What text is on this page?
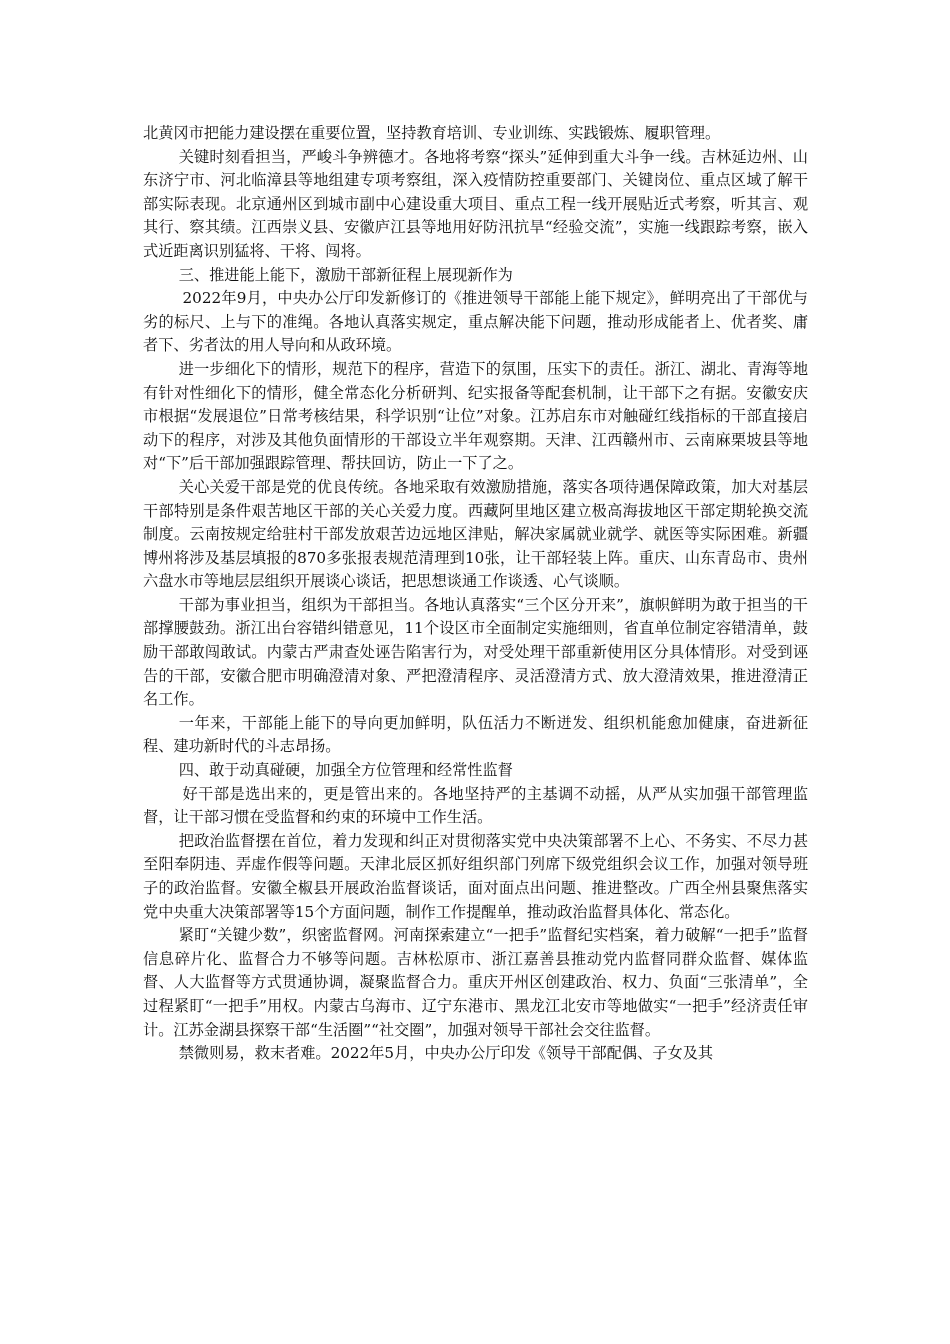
北黄冈市把能力建设摆在重要位置，坚持教育培训、专业训练、实践锻炼、履职管理。

关键时刻看担当，严峻斗争辨德才。各地将考察“探头”延伸到重大斗争一线。吉林延边州、山东济宁市、河北临漳县等地组建专项考察组，深入疫情防控重要部门、关键岗位、重点区域了解干部实际表现。北京通州区到城市副中心建设重大项目、重点工程一线开展贴近式考察，听其言、观其行、察其绩。江西崇义县、安徽庐江县等地用好防汛抗旱“经验交流”，实施一线跟踪考察，嵌入式近距离识别猛将、干将、闯将。

三、推进能上能下，激励干部新征程上展现新作为

2022年9月，中央办公厅印发新修订的《推进领导干部能上能下规定》，鲜明亮出了干部优与劣的标尺、上与下的准绳。各地认真落实规定，重点解决能下问题，推动形成能者上、优者奖、庸者下、劣者汰的用人导向和从政环境。

进一步细化下的情形，规范下的程序，营造下的氛围，压实下的责任。浙江、湖北、青海等地有针对性细化下的情形，健全常态化分析研判、纪实报备等配套机制，让干部下之有据。安徽安庆市根据“发展退位”日常考核结果，科学识别“让位”对象。江苏启东市对触碰红线指标的干部直接启动下的程序，对涉及其他负面情形的干部设立半年观察期。天津、江西赣州市、云南麻栗坡县等地对“下”后干部加强跟踪管理、帮扶回访，防止一下了之。

关心关爱干部是党的优良传统。各地采取有效激励措施，落实各项待遇保障政策，加大对基层干部特别是条件艰苦地区干部的关心关爱力度。西藏阿里地区建立极高海拔地区干部定期轮换交流制度。云南按规定给驻村干部发放艰苦边远地区津贴，解决家属就业就学、就医等实际困难。新疆博州将涉及基层填报的870多张报表规范清理到10张，让干部轻装上阵。重庆、山东青岛市、贵州六盘水市等地层层组织开展谈心谈话，把思想谈通工作谈透、心气谈顺。

干部为事业担当，组织为干部担当。各地认真落实“三个区分开来”，旗帜鲜明为敢于担当的干部撑腰鼓劲。浙江出台容错纠错意见，11个设区市全面制定实施细则，省直单位制定容错清单，鼓励干部敢闯敢试。内蒙古严肃查处诬告陷害行为，对受处理干部重新使用区分具体情形。对受到诬告的干部，安徽合肥市明确澄清对象、严把澄清程序、灵活澄清方式、放大澄清效果，推进澄清正名工作。

一年来，干部能上能下的导向更加鲜明，队伍活力不断迸发、组织机能愈加健康，奋进新征程、建功新时代的斗志昂扬。

四、敢于动真碰硬，加强全方位管理和经常性监督

好干部是选出来的，更是管出来的。各地坚持严的主基调不动摇，从严从实加强干部管理监督，让干部习惯在受监督和约束的环境中工作生活。

把政治监督摆在首位，着力发现和纠正对贯彻落实党中央决策部署不上心、不务实、不尽力甚至阳奉阴违、弄虚作假等问题。天津北辰区抓好组织部门列席下级党组织会议工作，加强对领导班子的政治监督。安徽全椒县开展政治监督谈话，面对面点出问题、推进整改。广西全州县聚焦落实党中央重大决策部署等15个方面问题，制作工作提醒单，推动政治监督具体化、常态化。

紧盯“关键少数”，织密监督网。河南探索建立“一把手”监督纪实档案，着力破解“一把手”监督信息碎片化、监督合力不够等问题。吉林松原市、浙江嘉善县推动党内监督同群众监督、媒体监督、人大监督等方式贯通协调，凝聚监督合力。重庆开州区创建政治、权力、负面“三张清单”，全过程紧盯“一把手”用权。内蒙古乌海市、辽宁东港市、黑龙江北安市等地做实“一把手”经济责任审计。江苏金湖县探察干部“生活圈”“社交圈”，加强对领导干部社会交往监督。

禁微则易，救末者难。2022年5月，中央办公厅印发《领导干部配偶、子女及其
